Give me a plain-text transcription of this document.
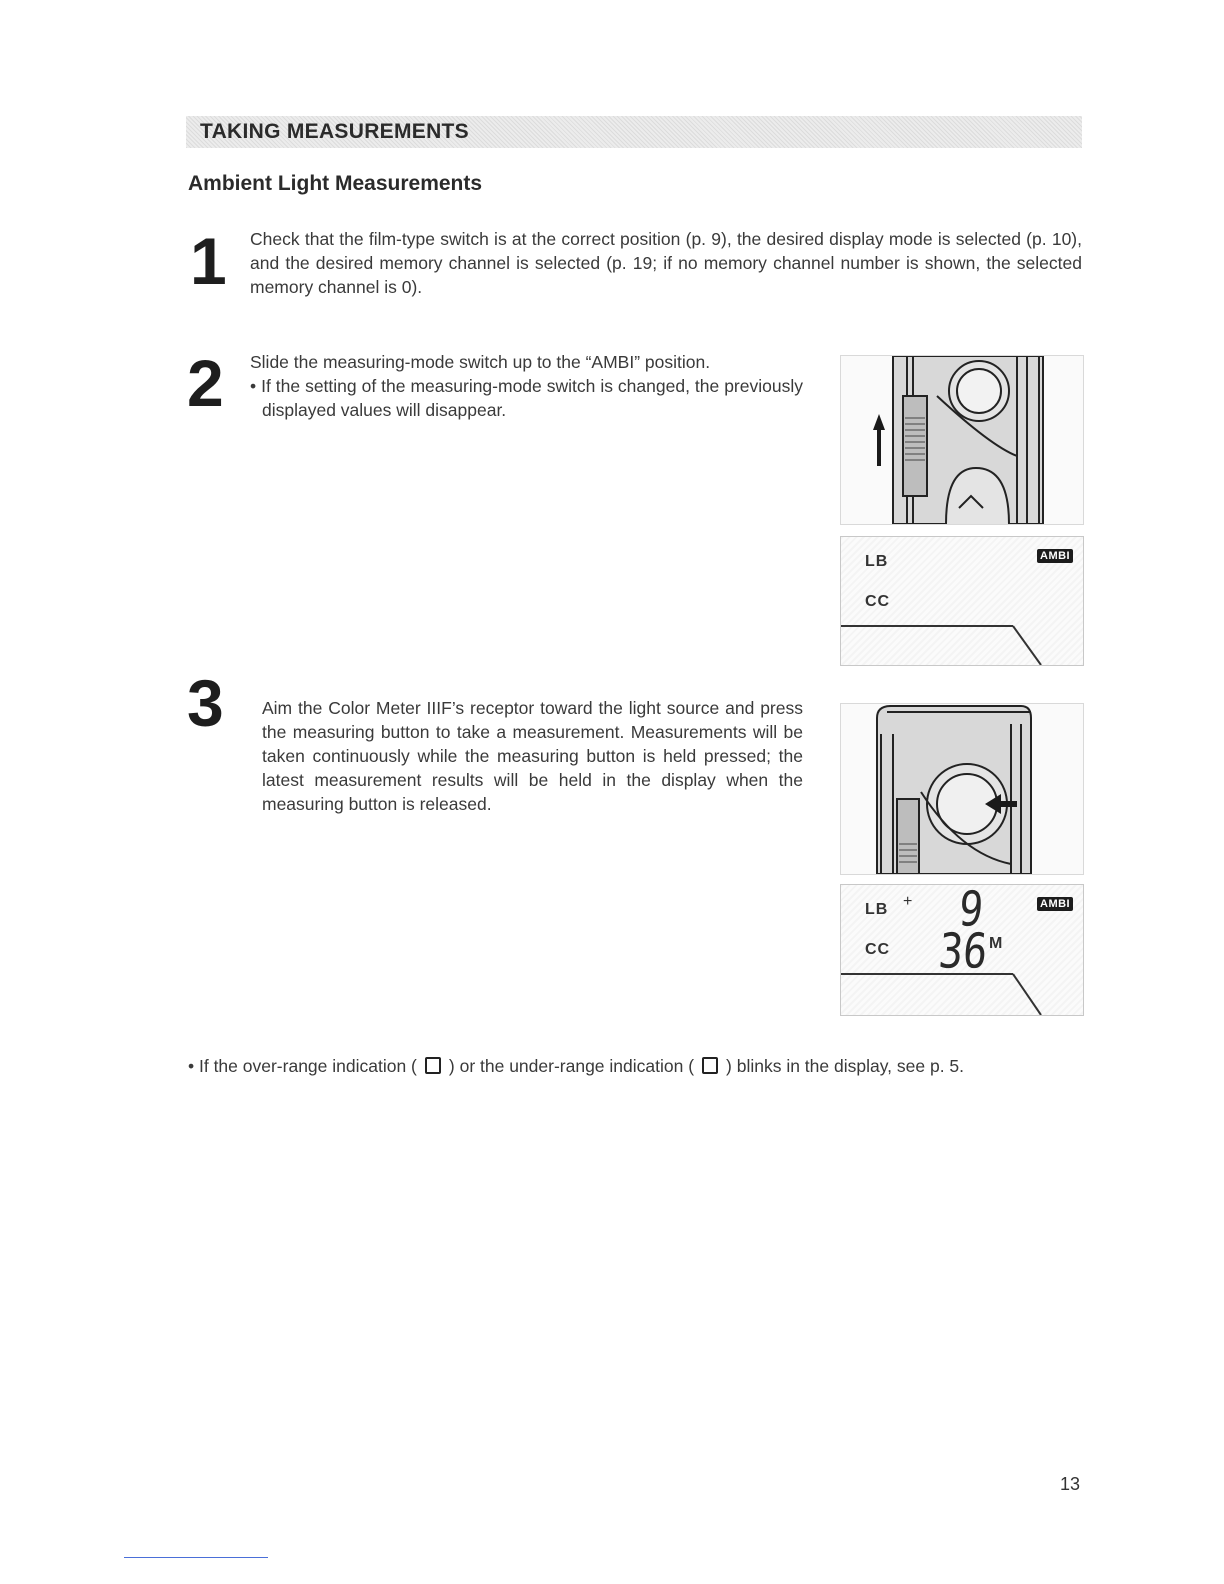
TAKING MEASUREMENTS
Ambient Light Measurements
1 Check that the film-type switch is at the correct position (p. 9), the desired display mode is selected (p. 10), and the desired memory channel is selected (p. 19; if no memory channel number is shown, the selected memory channel is 0).
2 Slide the measuring-mode switch up to the “AMBI” position.
• If the setting of the measuring-mode switch is changed, the previously displayed values will disappear.
LB
CC
AMBI
3 Aim the Color Meter IIIF’s receptor toward the light source and press the measuring button to take a measurement. Measurements will be taken continuously while the measuring button is held pressed; the latest measurement results will be held in the display when the measuring button is released.
LB + 9
CC 36 M
AMBI
• If the over-range indication ( ) or the under-range indication ( ) blinks in the display, see p. 5.
13
